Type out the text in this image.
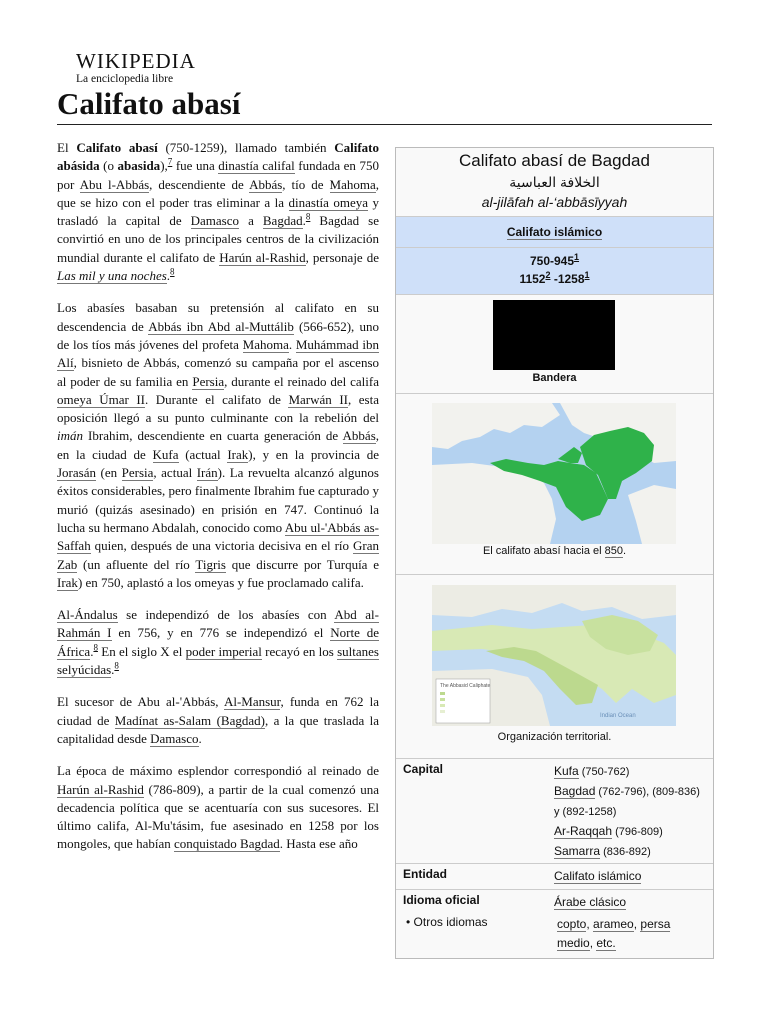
WIKIPEDIA
La enciclopedia libre
Califato abasí

El Califato abasí (750-1259), llamado también Califato abásida (o abasida),$^7$ fue una dinastía califal fundada en 750 por Abu l-Abbás, descendiente de Abbás, tío de Mahoma, que se hizo con el poder tras eliminar a la dinastía omeya y trasladó la capital de Damasco a Bagdad.$^8$ Bagdad se convirtió en uno de los principales centros de la civilización mundial durante el califato de Harún al-Rashid, personaje de Las mil y una noches.$^8$

Los abasíes basaban su pretensión al califato en su descendencia de Abbás ibn Abd al-Muttálib (566-652), uno de los tíos más jóvenes del profeta Mahoma. Muhámmad ibn Alí, bisnieto de Abbás, comenzó su campaña por el ascenso al poder de su familia en Persia, durante el reinado del califa omeya Úmar II. Durante el califato de Marwán II, esta oposición llegó a su punto culminante con la rebelión del imán Ibrahim, descendiente en cuarta generación de Abbás, en la ciudad de Kufa (actual Irak), y en la provincia de Jorasán (en Persia, actual Irán). La revuelta alcanzó algunos éxitos considerables, pero finalmente Ibrahim fue capturado y murió (quizás asesinado) en prisión en 747. Continuó la lucha su hermano Abdalah, conocido como Abu ul-'Abbás as-Saffah quien, después de una victoria decisiva en el río Gran Zab (un afluente del río Tigris que discurre por Turquía e Irak) en 750, aplastó a los omeyas y fue proclamado califa.

Al-Ándalus se independizó de los abasíes con Abd al-Rahmán I en 756, y en 776 se independizó el Norte de África.$^8$ En el siglo X el poder imperial recayó en los sultanes selyúcidas.$^8$

El sucesor de Abu al-'Abbás, Al-Mansur, funda en 762 la ciudad de Madínat as-Salam (Bagdad), a la que traslada la capitalidad desde Damasco.

La época de máximo esplendor correspondió al reinado de Harún al-Rashid (786-809), a partir de la cual comenzó una decadencia política que se acentuaría con sus sucesores. El último califa, Al-Mu'tásim, fue asesinado en 1258 por los mongoles, que habían conquistado Bagdad. Hasta ese año

Califato abasí de Bagdad
الخلافة العباسية
al-jilāfah al-‘abbāsīyyah
Califato islámico
$750-945^1$
1152$^2$ -1258$^1$
Bandera
El califato abasí hacia el 850.
The Abbasid Caliphate
Indian Ocean
Organización territorial.
Capital	Kufa (750-762)
Bagdad (762-796), (809-836) y (892-1258)
Ar-Raqqah (796-809)
Samarra (836-892)
Entidad	Califato islámico
Idioma oficial	Árabe clásico
• Otros idiomas	copto, arameo, persa medio, etc.
